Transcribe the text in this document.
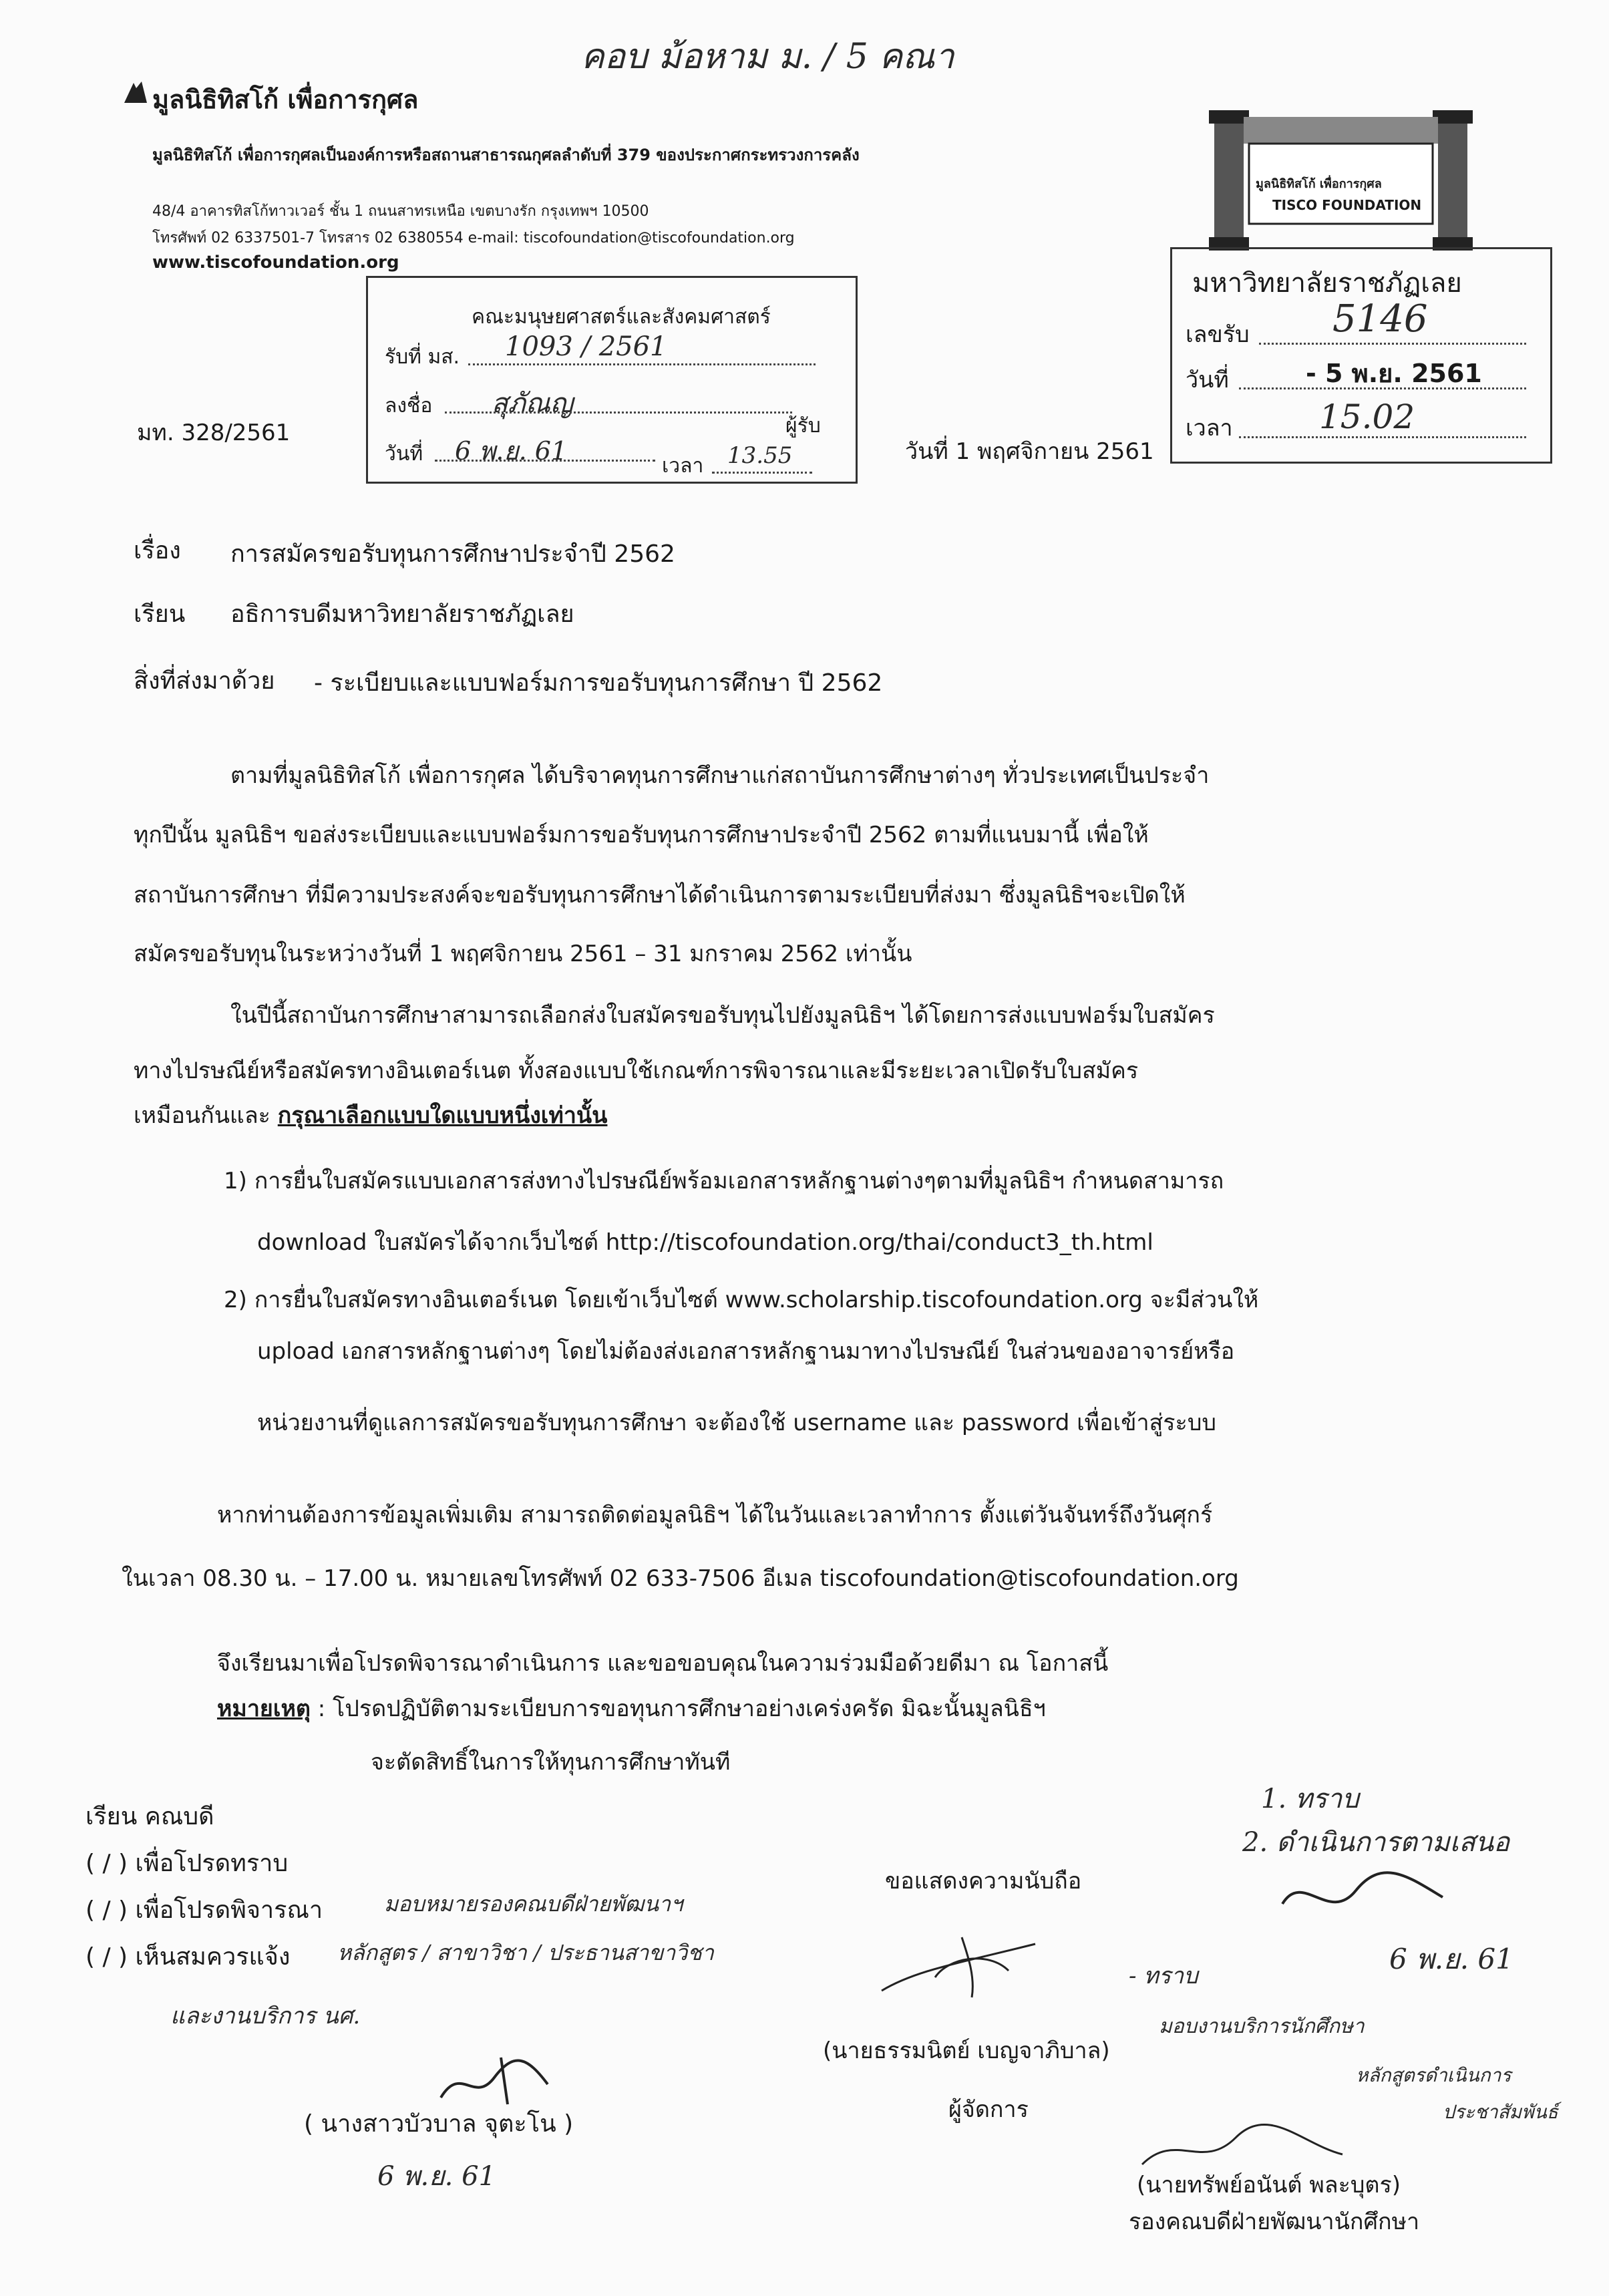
คอบ ม้อหาม ม. / 5 คณา
มูลนิธิทิสโก้ เพื่อการกุศล
มูลนิธิทิสโก้ เพื่อการกุศลเป็นองค์การหรือสถานสาธารณกุศลลำดับที่ 379 ของประกาศกระทรวงการคลัง
48/4 อาคารทิสโก้ทาวเวอร์ ชั้น 1 ถนนสาทรเหนือ เขตบางรัก กรุงเทพฯ 10500
โทรศัพท์ 02 6337501-7 โทรสาร 02 6380554 e-mail: tiscofoundation@tiscofoundation.org
www.tiscofoundation.org
มูลนิธิทิสโก้ เพื่อการกุศล
TISCO FOUNDATION
คณะมนุษยศาสตร์และสังคมศาสตร์
รับที่ มส. 1093 / 2561
ลงชื่อ สุภัณญ
ผู้รับ
วันที่ 6 พ.ย. 61
เวลา 13.55
มหาวิทยาลัยราชภัฏเลย
เลขรับ 5146
วันที่	- 5 พ.ย. 2561
เวลา	15.02
มท. 328/2561
วันที่ 1 พฤศจิกายน 2561
เรื่อง การสมัครขอรับทุนการศึกษาประจำปี 2562
เรียน อธิการบดีมหาวิทยาลัยราชภัฏเลย
สิ่งที่ส่งมาด้วย - ระเบียบและแบบฟอร์มการขอรับทุนการศึกษา ปี 2562
ตามที่มูลนิธิทิสโก้ เพื่อการกุศล ได้บริจาคทุนการศึกษาแก่สถาบันการศึกษาต่างๆ ทั่วประเทศเป็นประจำ
ทุกปีนั้น มูลนิธิฯ ขอส่งระเบียบและแบบฟอร์มการขอรับทุนการศึกษาประจำปี 2562 ตามที่แนบมานี้ เพื่อให้
สถาบันการศึกษา ที่มีความประสงค์จะขอรับทุนการศึกษาได้ดำเนินการตามระเบียบที่ส่งมา ซึ่งมูลนิธิฯจะเปิดให้
สมัครขอรับทุนในระหว่างวันที่ 1 พฤศจิกายน 2561 – 31 มกราคม 2562 เท่านั้น
ในปีนี้สถาบันการศึกษาสามารถเลือกส่งใบสมัครขอรับทุนไปยังมูลนิธิฯ ได้โดยการส่งแบบฟอร์มใบสมัคร
ทางไปรษณีย์หรือสมัครทางอินเตอร์เนต ทั้งสองแบบใช้เกณฑ์การพิจารณาและมีระยะเวลาเปิดรับใบสมัคร
เหมือนกันและ กรุณาเลือกแบบใดแบบหนึ่งเท่านั้น
1) การยื่นใบสมัครแบบเอกสารส่งทางไปรษณีย์พร้อมเอกสารหลักฐานต่างๆตามที่มูลนิธิฯ กำหนดสามารถ
download ใบสมัครได้จากเว็บไซต์ http://tiscofoundation.org/thai/conduct3_th.html
2) การยื่นใบสมัครทางอินเตอร์เนต โดยเข้าเว็บไซต์ www.scholarship.tiscofoundation.org จะมีส่วนให้
upload เอกสารหลักฐานต่างๆ โดยไม่ต้องส่งเอกสารหลักฐานมาทางไปรษณีย์ ในส่วนของอาจารย์หรือ
หน่วยงานที่ดูแลการสมัครขอรับทุนการศึกษา จะต้องใช้ username และ password เพื่อเข้าสู่ระบบ
หากท่านต้องการข้อมูลเพิ่มเติม สามารถติดต่อมูลนิธิฯ ได้ในวันและเวลาทำการ ตั้งแต่วันจันทร์ถึงวันศุกร์
ในเวลา 08.30 น. – 17.00 น. หมายเลขโทรศัพท์ 02 633-7506 อีเมล tiscofoundation@tiscofoundation.org
จึงเรียนมาเพื่อโปรดพิจารณาดำเนินการ และขอขอบคุณในความร่วมมือด้วยดีมา ณ โอกาสนี้
หมายเหตุ : โปรดปฏิบัติตามระเบียบการขอทุนการศึกษาอย่างเคร่งครัด มิฉะนั้นมูลนิธิฯ
จะตัดสิทธิ์ในการให้ทุนการศึกษาทันที
เรียน คณบดี
( / ) เพื่อโปรดทราบ
( / ) เพื่อโปรดพิจารณา
( / ) เห็นสมควรแจ้ง
มอบหมายรองคณบดีฝ่ายพัฒนาฯ
หลักสูตร / สาขาวิชา / ประธานสาขาวิชา
และงานบริการ นศ.
( นางสาวบัวบาล จุตะโน )
6 พ.ย. 61
ขอแสดงความนับถือ
(นายธรรมนิตย์ เบญจาภิบาล)
ผู้จัดการ
1. ทราบ
2. ดำเนินการตามเสนอ
6 พ.ย. 61
- ทราบ
มอบงานบริการนักศึกษา
หลักสูตรดำเนินการ
ประชาสัมพันธ์
(นายทรัพย์อนันต์ พละบุตร)
รองคณบดีฝ่ายพัฒนานักศึกษา
